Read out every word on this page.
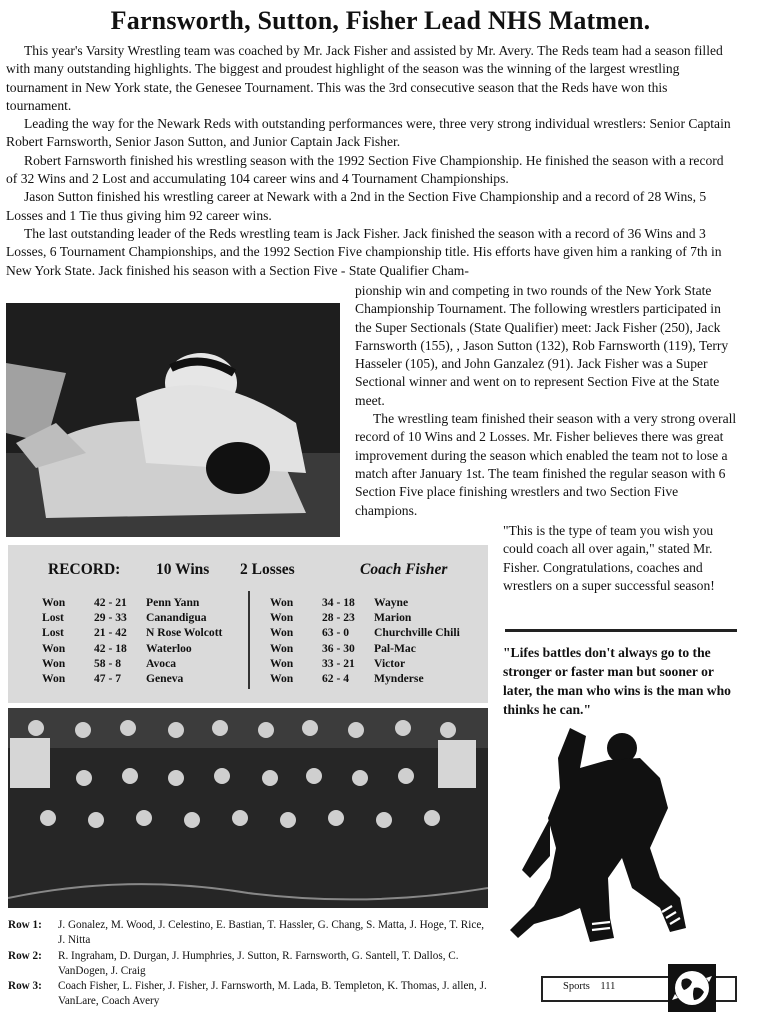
Farnsworth, Sutton, Fisher Lead NHS Matmen.

This year's Varsity Wrestling team was coached by Mr. Jack Fisher and assisted by Mr. Avery. The Reds team had a season filled with many outstanding highlights. The biggest and proudest highlight of the season was the winning of the largest wrestling tournament in New York state, the Genesee Tournament. This was the 3rd consecutive season that the Reds have won this tournament.

Leading the way for the Newark Reds with outstanding performances were, three very strong individual wrestlers: Senior Captain Robert Farnsworth, Senior Jason Sutton, and Junior Captain Jack Fisher.

Robert Farnsworth finished his wrestling season with the 1992 Section Five Championship. He finished the season with a record of 32 Wins and 2 Lost and accumulating 104 career wins and 4 Tournament Championships.

Jason Sutton finished his wrestling career at Newark with a 2nd in the Section Five Championship and a record of 28 Wins, 5 Losses and 1 Tie thus giving him 92 career wins.

The last outstanding leader of the Reds wrestling team is Jack Fisher. Jack finished the season with a record of 36 Wins and 3 Losses, 6 Tournament Championships, and the 1992 Section Five championship title. His efforts have given him a ranking of 7th in New York State. Jack finished his season with a Section Five - State Qualifier Cham-

pionship win and competing in two rounds of the New York State Championship Tournament. The following wrestlers participated in the Super Sectionals (State Qualifier) meet: Jack Fisher (250), Jack Farnsworth (155), , Jason Sutton (132), Rob Farnsworth (119), Terry Hasseler (105), and John Ganzalez (91). Jack Fisher was a Super Sectional winner and went on to represent Section Five at the State meet.

The wrestling team finished their season with a very strong overall record of 10 Wins and 2 Losses. Mr. Fisher believes there was great improvement during the season which enabled the team not to lose a match after January 1st. The team finished the regular season with 6 Section Five place finishing wrestlers and two Section Five champions.

"This is the type of team you wish you could coach all over again," stated Mr. Fisher. Congratulations, coaches and wrestlers on a super successful season!
"Lifes battles don't always go to the stronger or faster man but sooner or later, the man who wins is the man who thinks he can."
RECORD: 10 Wins 2 Losses	Coach Fisher
Won 42 - 21 Penn Yann
Lost	29 - 33 Canandigua
Lost	21 - 42 N Rose Wolcott
Won 42 - 18 Waterloo
Won 58 - 8 Avoca
Won 47 - 7 Geneva
Won 34 - 18 Wayne
Won 28 - 23 Marion
Won 63 - 0 Churchville Chili
Won 36 - 30 Pal-Mac
Won 33 - 21 Victor
Won 62 - 4 Mynderse
Row 1: J. Gonalez, M. Wood, J. Celestino, E. Bastian, T. Hassler, G. Chang, S. Matta, J. Hoge, T. Rice, J. Nitta
Row 2: R. Ingraham, D. Durgan, J. Humphries, J. Sutton, R. Farnsworth, G. Santell, T. Dallos, C. VanDogen, J. Craig
Row 3: Coach Fisher, L. Fisher, J. Fisher, J. Farnsworth, M. Lada, B. Templeton, K. Thomas, J. allen, J. VanLare, Coach Avery
Sports 111
